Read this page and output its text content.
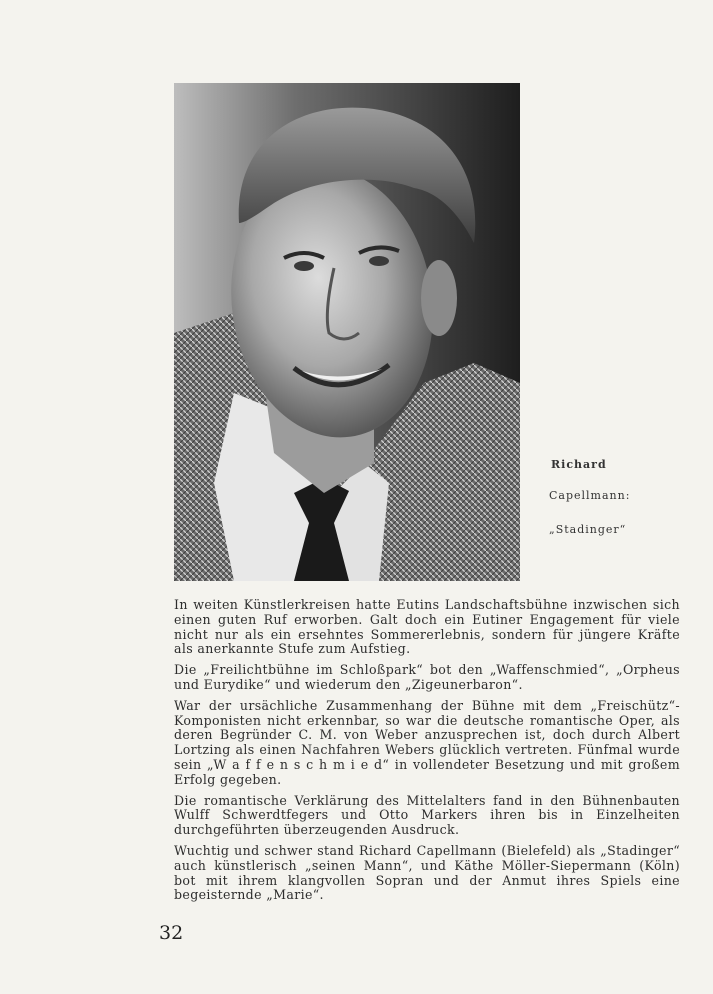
Richard
Capellmann:
„Stadinger“

In weiten Künstlerkreisen hatte Eutins Landschaftsbühne inzwischen sich einen guten Ruf erworben. Galt doch ein Eutiner Engagement für viele nicht nur als ein ersehntes Sommererlebnis, sondern für jüngere Kräfte als anerkannte Stufe zum Aufstieg.

Die „Freilichtbühne im Schloßpark“ bot den „Waffenschmied“, „Orpheus und Eurydike“ und wiederum den „Zigeunerbaron“.

War der ursächliche Zusammenhang der Bühne mit dem „Freischütz“-Komponisten nicht erkennbar, so war die deutsche romantische Oper, als deren Begründer C. M. von Weber anzusprechen ist, doch durch Albert Lortzing als einen Nachfahren Webers glücklich vertreten. Fünfmal wurde sein „W a f f e n s c h m i e d“ in vollendeter Besetzung und mit großem Erfolg gegeben.

Die romantische Verklärung des Mittelalters fand in den Bühnenbauten Wulff Schwerdtfegers und Otto Markers ihren bis in Einzelheiten durchgeführten überzeugenden Ausdruck.

Wuchtig und schwer stand Richard Capellmann (Bielefeld) als „Stadinger“ auch künstlerisch „seinen Mann“, und Käthe Möller-Siepermann (Köln) bot mit ihrem klangvollen Sopran und der Anmut ihres Spiels eine begeisternde „Marie“.

32
